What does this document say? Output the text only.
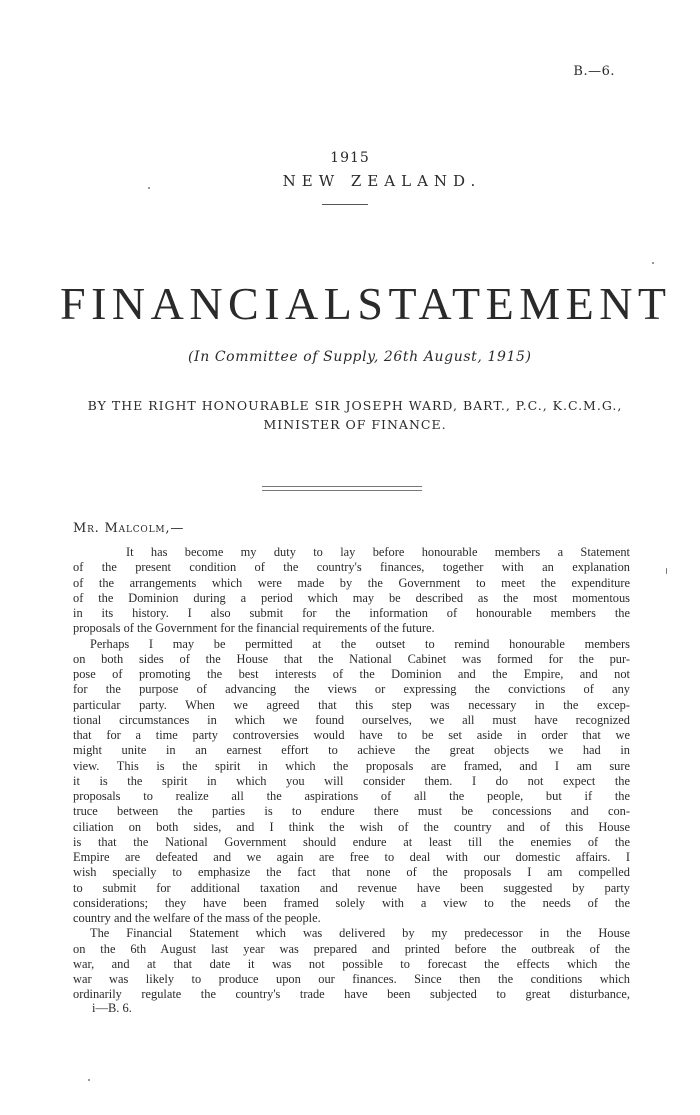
B.—6.
1915
NEW ZEALAND.
FINANCIAL STATEMENT
(In Committee of Supply, 26th August, 1915)
BY THE RIGHT HONOURABLE SIR JOSEPH WARD, BART., P.C., K.C.M.G.,
MINISTER OF FINANCE.
Mr. Malcolm,—

It has become my duty to lay before honourable members a Statement
of the present condition of the country's finances, together with an explanation
of the arrangements which were made by the Government to meet the expenditure
of the Dominion during a period which may be described as the most momentous
in its history. I also submit for the information of honourable members the
proposals of the Government for the financial requirements of the future.

Perhaps I may be permitted at the outset to remind honourable members
on both sides of the House that the National Cabinet was formed for the pur-
pose of promoting the best interests of the Dominion and the Empire, and not
for the purpose of advancing the views or expressing the convictions of any
particular party. When we agreed that this step was necessary in the excep-
tional circumstances in which we found ourselves, we all must have recognized
that for a time party controversies would have to be set aside in order that we
might unite in an earnest effort to achieve the great objects we had in
view. This is the spirit in which the proposals are framed, and I am sure
it is the spirit in which you will consider them. I do not expect the
proposals to realize all the aspirations of all the people, but if the
truce between the parties is to endure there must be concessions and con-
ciliation on both sides, and I think the wish of the country and of this House
is that the National Government should endure at least till the enemies of the
Empire are defeated and we again are free to deal with our domestic affairs. I
wish specially to emphasize the fact that none of the proposals I am compelled
to submit for additional taxation and revenue have been suggested by party
considerations; they have been framed solely with a view to the needs of the
country and the welfare of the mass of the people.

The Financial Statement which was delivered by my predecessor in the House
on the 6th August last year was prepared and printed before the outbreak of the
war, and at that date it was not possible to forecast the effects which the
war was likely to produce upon our finances. Since then the conditions which
ordinarily regulate the country's trade have been subjected to great disturbance,

i—B. 6.
